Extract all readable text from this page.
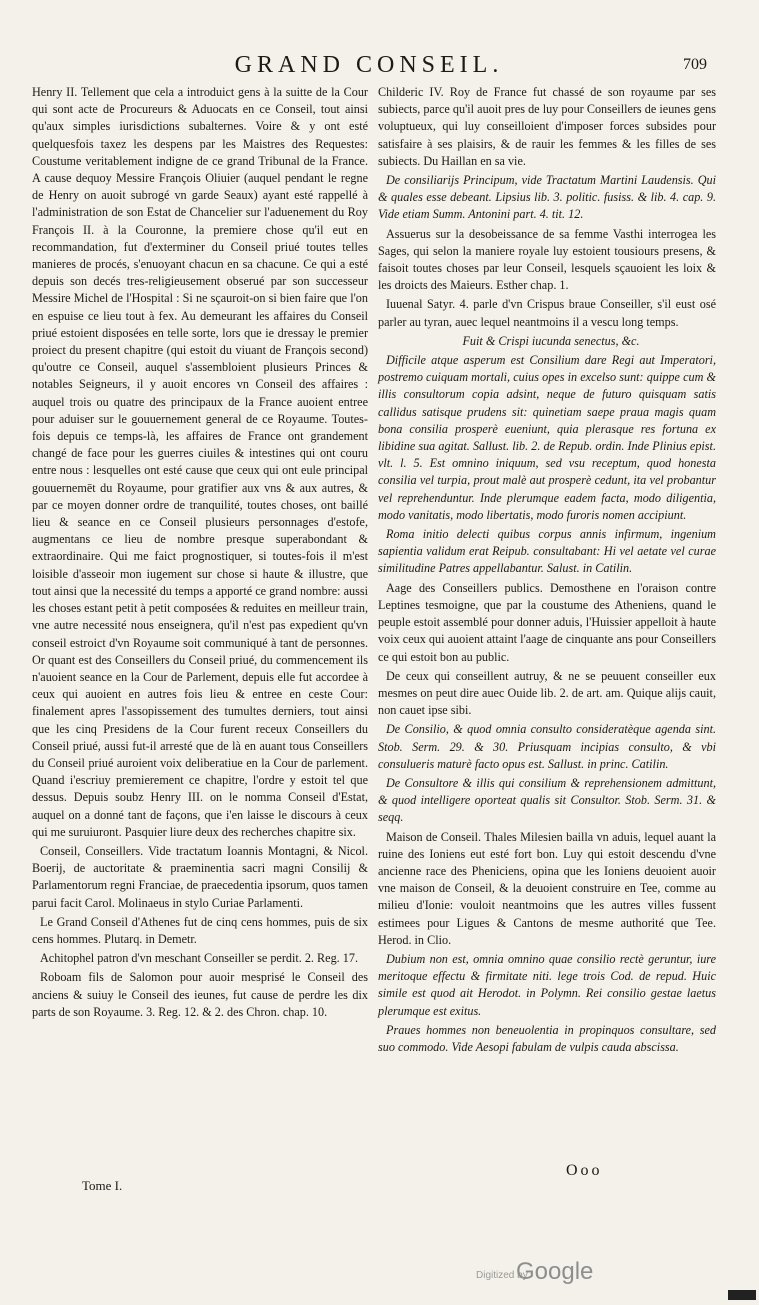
GRAND CONSEIL.	709

Henry II. Tellement que cela a introduict gens à la suitte de la Cour qui sont acte de Procureurs & Aduocats en ce Conseil, tout ainsi qu'aux simples iurisdictions subalternes. Voire & y ont esté quelquesfois taxez les despens par les Maistres des Requestes: Coustume veritablement indigne de ce grand Tribunal de la France. A cause dequoy Messire François Oliuier (auquel pendant le regne de Henry on auoit subrogé vn garde Seaux) ayant esté rappellé à l'administration de son Estat de Chancelier sur l'aduenement du Roy François II. à la Couronne, la premiere chose qu'il eut en recommandation, fut d'exterminer du Conseil priué toutes telles manieres de procés, s'enuoyant chacun en sa chacune. Ce qui a esté depuis son decés tres-religieusement obserué par son successeur Messire Michel de l'Hospital : Si ne sçauroit-on si bien faire que l'on en espuise ce lieu tout à fex. Au demeurant les affaires du Conseil priué estoient disposées en telle sorte, lors que ie dressay le premier proiect du present chapitre (qui estoit du viuant de François second) qu'outre ce Conseil, auquel s'assembloient plusieurs Princes & notables Seigneurs, il y auoit encores vn Conseil des affaires : auquel trois ou quatre des principaux de la France auoient entree pour aduiser sur le gouuernement general de ce Royaume. Toutes-fois depuis ce temps-là, les affaires de France ont grandement changé de face pour les guerres ciuiles & intestines qui ont couru entre nous : lesquelles ont esté cause que ceux qui ont eule principal gouuernemēt du Royaume, pour gratifier aux vns & aux autres, & par ce moyen donner ordre de tranquilité, toutes choses, ont baillé lieu & seance en ce Conseil plusieurs personnages d'estofe, augmentans ce lieu de nombre presque superabondant & extraordinaire. Qui me faict prognostiquer, si toutes-fois il m'est loisible d'asseoir mon iugement sur chose si haute & illustre, que tout ainsi que la necessité du temps a apporté ce grand nombre: aussi les choses estant petit à petit composées & reduites en meilleur train, vne autre necessité nous enseignera, qu'il n'est pas expedient qu'vn conseil estroict d'vn Royaume soit communiqué à tant de personnes. Or quant est des Conseillers du Conseil priué, du commencement ils n'auoient seance en la Cour de Parlement, depuis elle fut accordee à ceux qui auoient en autres fois lieu & entree en ceste Cour: finalement apres l'assopissement des tumultes derniers, tout ainsi que les cinq Presidens de la Cour furent receux Conseillers du Conseil priué, aussi fut-il arresté que de là en auant tous Conseillers du Conseil priué auroient voix deliberatiue en la Cour de parlement. Quand i'escriuy premierement ce chapitre, l'ordre y estoit tel que dessus. Depuis soubz Henry III. on le nomma Conseil d'Estat, auquel on a donné tant de façons, que i'en laisse le discours à ceux qui me suruiuront. Pasquier liure deux des recherches chapitre six.

Conseil, Conseillers. Vide tractatum Ioannis Montagni, & Nicol. Boerij, de auctoritate & praeminentia sacri magni Consilij & Parlamentorum regni Franciae, de praecedentia ipsorum, quos tamen parui facit Carol. Molinaeus in stylo Curiae Parlamenti.

Le Grand Conseil d'Athenes fut de cinq cens hommes, puis de six cens hommes. Plutarq. in Demetr.

Achitophel patron d'vn meschant Conseiller se perdit. 2. Reg. 17.

Roboam fils de Salomon pour auoir mesprisé le Conseil des anciens & suiuy le Conseil des ieunes, fut cause de perdre les dix parts de son Royaume. 3. Reg. 12. & 2. des Chron. chap. 10.

Childeric IV. Roy de France fut chassé de son royaume par ses subiects, parce qu'il auoit pres de luy pour Conseillers de ieunes gens voluptueux, qui luy conseilloient d'imposer forces subsides pour satisfaire à ses plaisirs, & de rauir les femmes & les filles de ses subiects. Du Haillan en sa vie.

De consiliarijs Principum, vide Tractatum Martini Laudensis. Qui & quales esse debeant. Lipsius lib. 3. politic. fusiss. & lib. 4. cap. 9. Vide etiam Summ. Antonini part. 4. tit. 12.

Assuerus sur la desobeissance de sa femme Vasthi interrogea les Sages, qui selon la maniere royale luy estoient tousiours presens, & faisoit toutes choses par leur Conseil, lesquels sçauoient les loix & les droicts des Maieurs. Esther chap. 1.

Iuuenal Satyr. 4. parle d'vn Crispus braue Conseiller, s'il eust osé parler au tyran, auec lequel neantmoins il a vescu long temps.

Fuit & Crispi iucunda senectus, &c.

Difficile atque asperum est Consilium dare Regi aut Imperatori, postremo cuiquam mortali, cuius opes in excelso sunt: quippe cum & illis consultorum copia adsint, neque de futuro quisquam satis callidus satisque prudens sit: quinetiam saepe praua magis quam bona consilia prosperè eueniunt, quia plerasque res fortuna ex libidine sua agitat. Sallust. lib. 2. de Repub. ordin. Inde Plinius epist. vlt. l. 5. Est omnino iniquum, sed vsu receptum, quod honesta consilia vel turpia, prout malè aut prosperè cedunt, ita vel probantur vel reprehenduntur. Inde plerumque eadem facta, modo diligentia, modo vanitatis, modo libertatis, modo furoris nomen accipiunt.

Roma initio delecti quibus corpus annis infirmum, ingenium sapientia validum erat Reipub. consultabant: Hi vel aetate vel curae similitudine Patres appellabantur. Salust. in Catilin.

Aage des Conseillers publics. Demosthene en l'oraison contre Leptines tesmoigne, que par la coustume des Atheniens, quand le peuple estoit assemblé pour donner aduis, l'Huissier appelloit à haute voix ceux qui auoient attaint l'aage de cinquante ans pour Conseillers ce qui estoit bon au public.

De ceux qui conseillent autruy, & ne se peuuent conseiller eux mesmes on peut dire auec Ouide lib. 2. de art. am. Quique alijs cauit, non cauet ipse sibi.

De Consilio, & quod omnia consulto consideratèque agenda sint. Stob. Serm. 29. & 30. Priusquam incipias consulto, & vbi consulueris maturè facto opus est. Sallust. in princ. Catilin.

De Consultore & illis qui consilium & reprehensionem admittunt, & quod intelligere oporteat qualis sit Consultor. Stob. Serm. 31. & seqq.

Maison de Conseil. Thales Milesien bailla vn aduis, lequel auant la ruine des Ioniens eut esté fort bon. Luy qui estoit descendu d'vne ancienne race des Pheniciens, opina que les Ioniens deuoient auoir vne maison de Conseil, & la deuoient construire en Tee, comme au milieu d'Ionie: vouloit neantmoins que les autres villes fussent estimees pour Ligues & Cantons de mesme authorité que Tee. Herod. in Clio.

Dubium non est, omnia omnino quae consilio rectè geruntur, iure meritoque effectu & firmitate niti. lege trois Cod. de repud. Huic simile est quod ait Herodot. in Polymn. Rei consilio gestae laetus plerumque est exitus.

Praues hommes non beneuolentia in propinquos consultare, sed suo commodo. Vide Aesopi fabulam de vulpis cauda abscissa.

Tome I.
Ooo
Digitized by
Google
